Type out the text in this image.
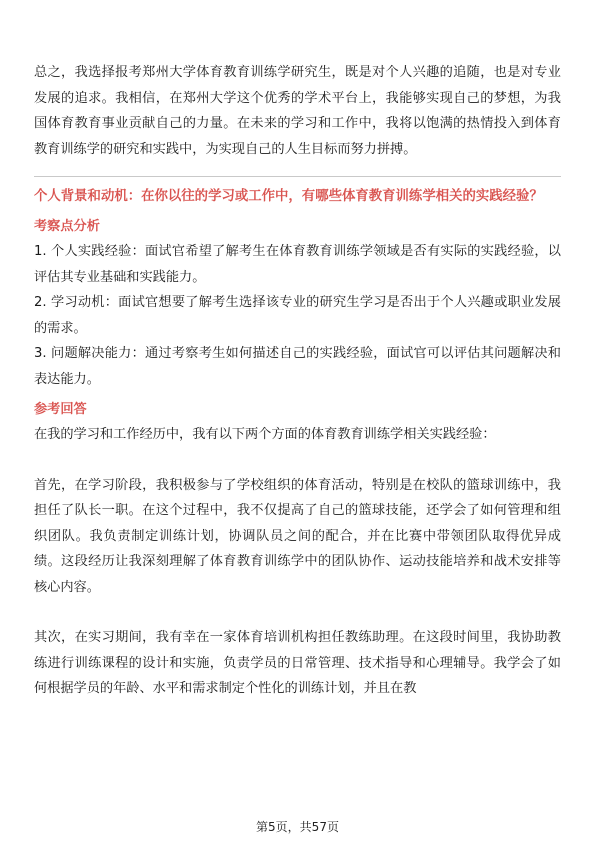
总之，我选择报考郑州大学体育教育训练学研究生，既是对个人兴趣的追随，也是对专业发展的追求。我相信，在郑州大学这个优秀的学术平台上，我能够实现自己的梦想，为我国体育教育事业贡献自己的力量。在未来的学习和工作中，我将以饱满的热情投入到体育教育训练学的研究和实践中，为实现自己的人生目标而努力拼搏。

个人背景和动机：在你以往的学习或工作中，有哪些体育教育训练学相关的实践经验？
考察点分析

1. 个人实践经验：面试官希望了解考生在体育教育训练学领域是否有实际的实践经验，以评估其专业基础和实践能力。

2. 学习动机：面试官想要了解考生选择该专业的研究生学习是否出于个人兴趣或职业发展的需求。

3. 问题解决能力：通过考察考生如何描述自己的实践经验，面试官可以评估其问题解决和表达能力。

参考回答

在我的学习和工作经历中，我有以下两个方面的体育教育训练学相关实践经验：

首先，在学习阶段，我积极参与了学校组织的体育活动，特别是在校队的篮球训练中，我担任了队长一职。在这个过程中，我不仅提高了自己的篮球技能，还学会了如何管理和组织团队。我负责制定训练计划，协调队员之间的配合，并在比赛中带领团队取得优异成绩。这段经历让我深刻理解了体育教育训练学中的团队协作、运动技能培养和战术安排等核心内容。

其次，在实习期间，我有幸在一家体育培训机构担任教练助理。在这段时间里，我协助教练进行训练课程的设计和实施，负责学员的日常管理、技术指导和心理辅导。我学会了如何根据学员的年龄、水平和需求制定个性化的训练计划，并且在教

第5页，共57页
